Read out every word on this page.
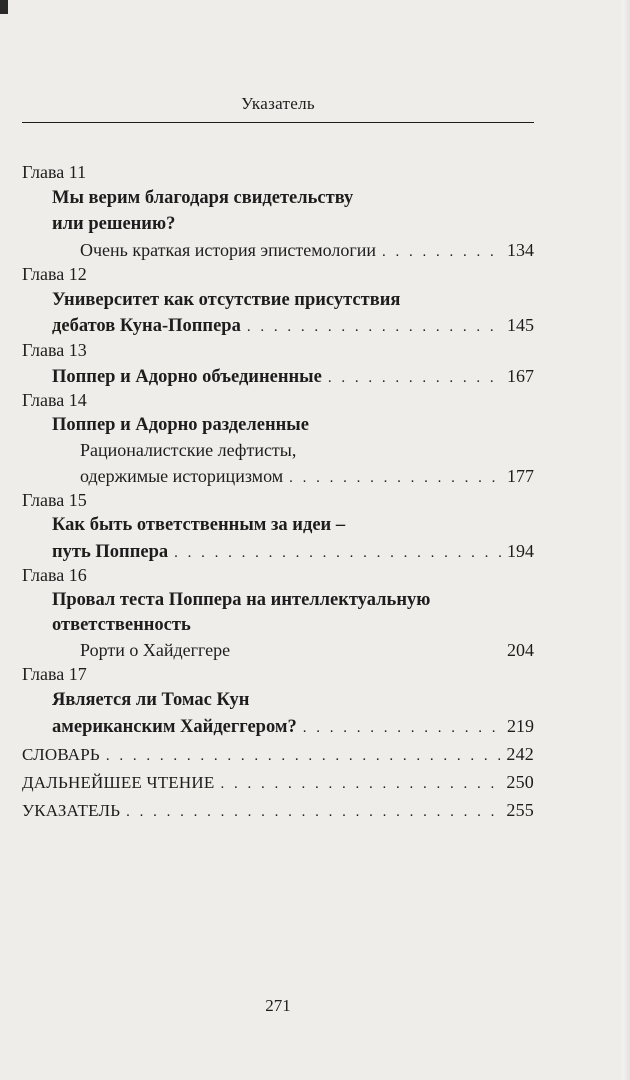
Указатель
Глава 11
Мы верим благодаря свидетельству
или решению?
Очень краткая история эпистемологии . . .	134
Глава 12
Университет как отсутствие присутствия
дебатов Куна-Поппера . . .	145
Глава 13
Поппер и Адорно объединенные . . .	167
Глава 14
Поппер и Адорно разделенные
Рационалистские лефтисты,
одержимые историцизмом . . .	177
Глава 15
Как быть ответственным за идеи –
путь Поппера . . .	194
Глава 16
Провал теста Поппера на интеллектуальную
ответственность
Рорти о Хайдеггере	204
Глава 17
Является ли Томас Кун
американским Хайдеггером? . . .	219
СЛОВАРЬ . . .	242
ДАЛЬНЕЙШЕЕ ЧТЕНИЕ . . .	250
УКАЗАТЕЛЬ . . .	255
271
